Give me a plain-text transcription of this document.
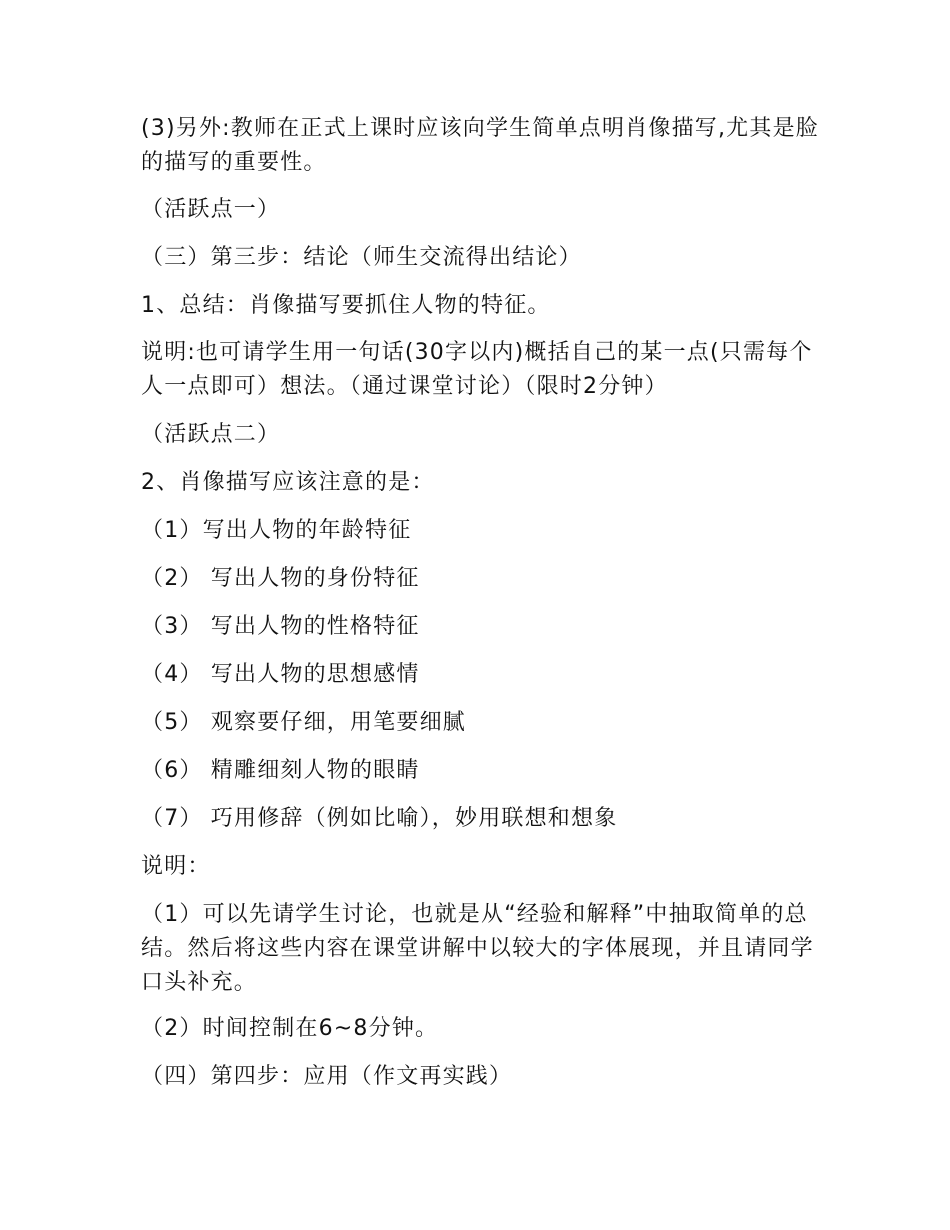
(3)另外:教师在正式上课时应该向学生简单点明肖像描写,尤其是脸的描写的重要性。

（活跃点一）

（三）第三步：结论（师生交流得出结论）

1、总结：肖像描写要抓住人物的特征。

说明:也可请学生用一句话(30字以内)概括自己的某一点(只需每个人一点即可）想法。（通过课堂讨论）（限时2分钟）

（活跃点二）

2、肖像描写应该注意的是：

（1）写出人物的年龄特征

（2） 写出人物的身份特征

（3） 写出人物的性格特征

（4） 写出人物的思想感情

（5） 观察要仔细，用笔要细腻

（6） 精雕细刻人物的眼睛

（7） 巧用修辞（例如比喻），妙用联想和想象

说明：

（1）可以先请学生讨论，也就是从“经验和解释”中抽取简单的总结。然后将这些内容在课堂讲解中以较大的字体展现，并且请同学口头补充。

（2）时间控制在6~8分钟。

（四）第四步：应用（作文再实践）
